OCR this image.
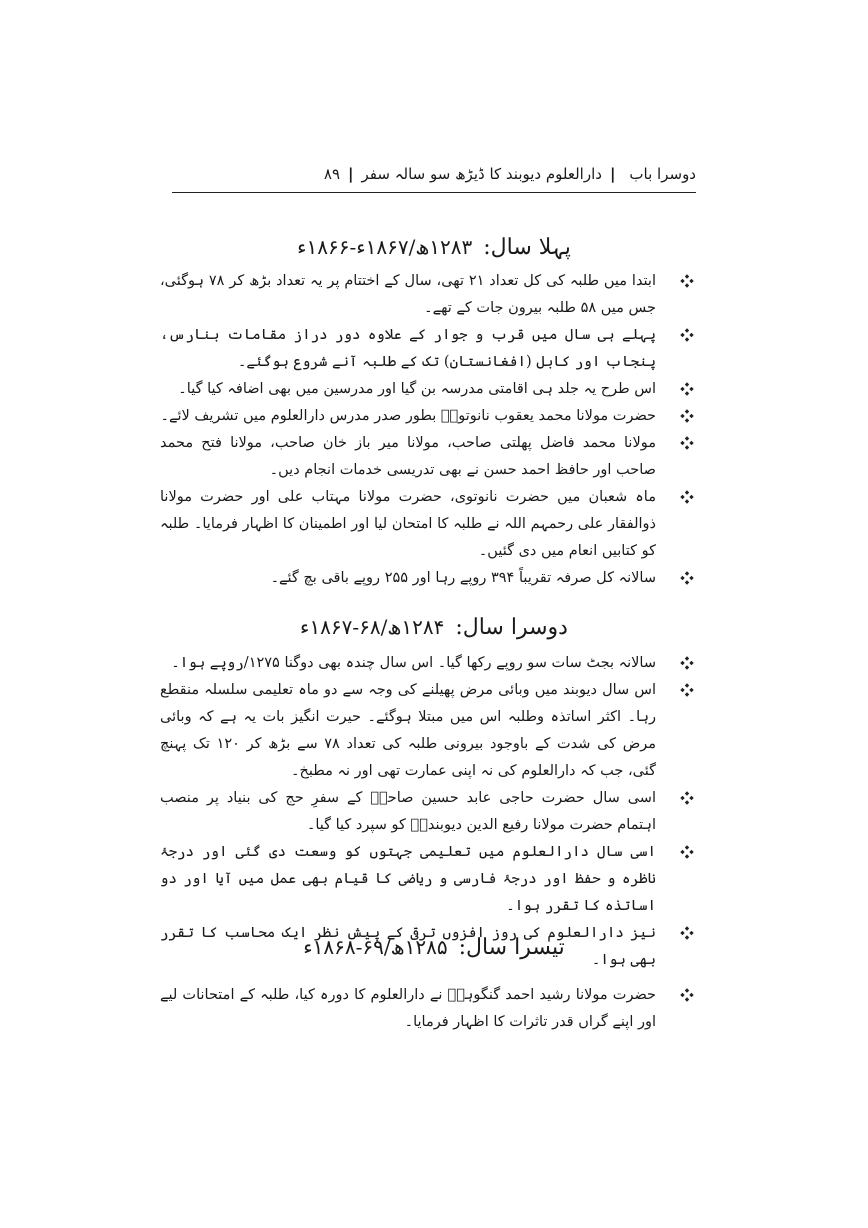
دوسرا باب
|
دارالعلوم دیوبند کا ڈیڑھ سو سالہ سفر
|
۸۹
پہلا سال: ۱۲۸۳ھ/۱۸۶۷ء-۱۸۶۶ء
ابتدا میں طلبہ کی کل تعداد ۲۱ تھی، سال کے اختتام پر یہ تعداد بڑھ کر ۷۸ ہوگئی، جس میں ۵۸ طلبہ بیرون جات کے تھے۔
پہلے ہی سال میں قرب و جوار کے علاوہ دور دراز مقامات بنارس، پنجاب اور کابل (افغانستان) تک کے طلبہ آنے شروع ہوگئے۔
اس طرح یہ جلد ہی اقامتی مدرسہ بن گیا اور مدرسین میں بھی اضافہ کیا گیا۔
حضرت مولانا محمد یعقوب نانوتویؒ بطور صدر مدرس دارالعلوم میں تشریف لائے۔
مولانا محمد فاضل پھلتی صاحب، مولانا میر باز خان صاحب، مولانا فتح محمد صاحب اور حافظ احمد حسن نے بھی تدریسی خدمات انجام دیں۔
ماہ شعبان میں حضرت نانوتوی، حضرت مولانا مہتاب علی اور حضرت مولانا ذوالفقار علی رحمہم اللہ نے طلبہ کا امتحان لیا اور اطمینان کا اظہار فرمایا۔ طلبہ کو کتابیں انعام میں دی گئیں۔
سالانہ کل صرفہ تقریباً ۳۹۴ روپے رہا اور ۲۵۵ روپے باقی بچ گئے۔
دوسرا سال: ۱۲۸۴ھ/۶۸-۱۸۶۷ء
سالانہ بجٹ سات سو روپے رکھا گیا۔ اس سال چندہ بھی دوگنا ۱۲۷۵/روپے ہوا۔
اس سال دیوبند میں وبائی مرض پھیلنے کی وجہ سے دو ماہ تعلیمی سلسلہ منقطع رہا۔ اکثر اساتذہ وطلبہ اس میں مبتلا ہوگئے۔ حیرت انگیز بات یہ ہے کہ وبائی مرض کی شدت کے باوجود بیرونی طلبہ کی تعداد ۷۸ سے بڑھ کر ۱۲۰ تک پہنچ گئی، جب کہ دارالعلوم کی نہ اپنی عمارت تھی اور نہ مطبخ۔
اسی سال حضرت حاجی عابد حسین صاحبؒ کے سفرِ حج کی بنیاد پر منصب اہتمام حضرت مولانا رفیع الدین دیوبندیؒ کو سپرد کیا گیا۔
اسی سال دارالعلوم میں تعلیمی جہتوں کو وسعت دی گئی اور درجۂ ناظرہ و حفظ اور درجۂ فارسی و ریاضی کا قیام بھی عمل میں آیا اور دو اساتذہ کا تقرر ہوا۔
نیز دارالعلوم کی روز افزوں ترقی کے پیش نظر ایک محاسب کا تقرر بھی ہوا۔
تیسرا سال: ۱۲۸۵ھ/۶۹-۱۸۶۸ء
حضرت مولانا رشید احمد گنگوہیؒ نے دارالعلوم کا دورہ کیا، طلبہ کے امتحانات لیے اور اپنے گراں قدر تاثرات کا اظہار فرمایا۔
